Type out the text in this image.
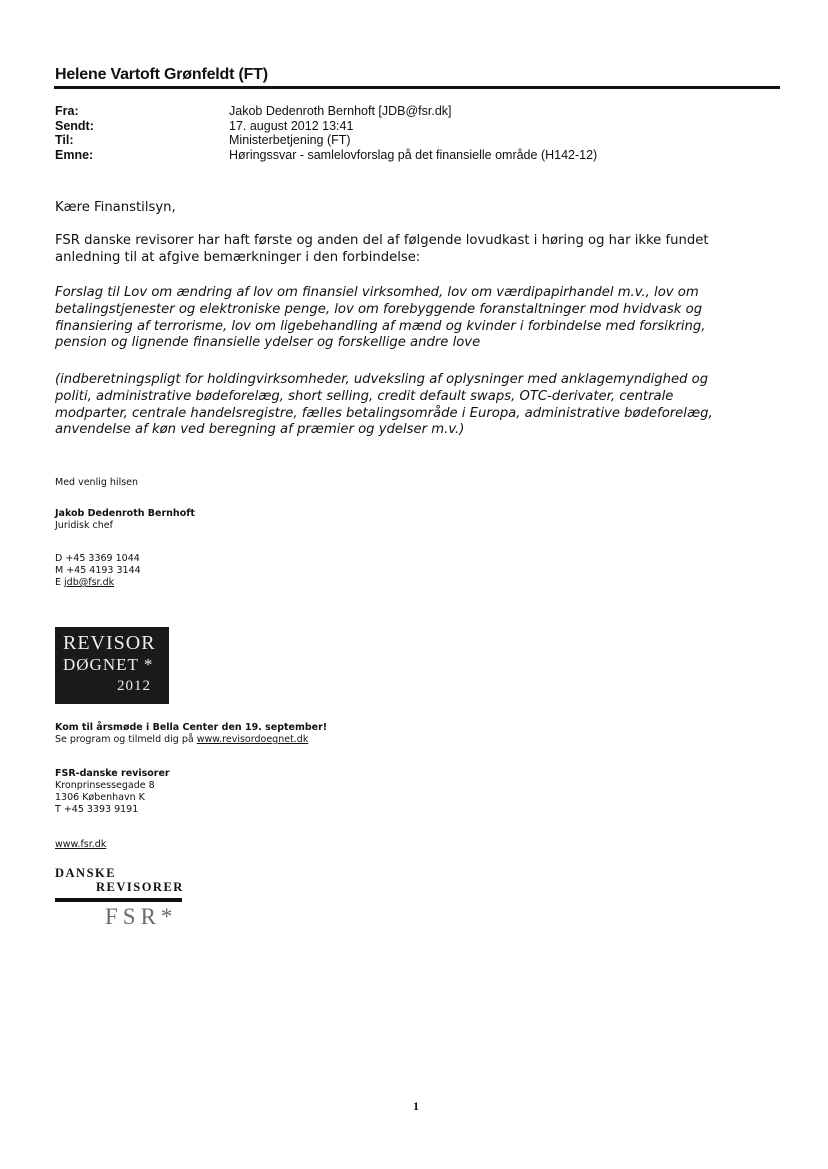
Helene Vartoft Grønfeldt (FT)
Fra:	Jakob Dedenroth Bernhoft [JDB@fsr.dk]
Sendt:	17. august 2012 13:41
Til:	Ministerbetjening (FT)
Emne:	Høringssvar - samlelovforslag på det finansielle område (H142-12)
Kære Finanstilsyn,
FSR danske revisorer har haft første og anden del af følgende lovudkast i høring og har ikke fundet
anledning til at afgive bemærkninger i den forbindelse:
Forslag til Lov om ændring af lov om finansiel virksomhed, lov om værdipapirhandel m.v., lov om
betalingstjenester og elektroniske penge, lov om forebyggende foranstaltninger mod hvidvask og
finansiering af terrorisme, lov om ligebehandling af mænd og kvinder i forbindelse med forsikring,
pension og lignende finansielle ydelser og forskellige andre love
(indberetningspligt for holdingvirksomheder, udveksling af oplysninger med anklagemyndighed og
politi, administrative bødeforelæg, short selling, credit default swaps, OTC-derivater, centrale
modparter, centrale handelsregistre, fælles betalingsområde i Europa, administrative bødeforelæg,
anvendelse af køn ved beregning af præmier og ydelser m.v.)
Med venlig hilsen
Jakob Dedenroth Bernhoft
Juridisk chef
D +45 3369 1044
M +45 4193 3144
E jdb@fsr.dk
REVISOR
DØGNET *
2012
Kom til årsmøde i Bella Center den 19. september!
Se program og tilmeld dig på www.revisordoegnet.dk
FSR-danske revisorer
Kronprinsessegade 8
1306 København K
T +45 3393 9191
www.fsr.dk
DANSKE
REVISORER
FSR*
1
